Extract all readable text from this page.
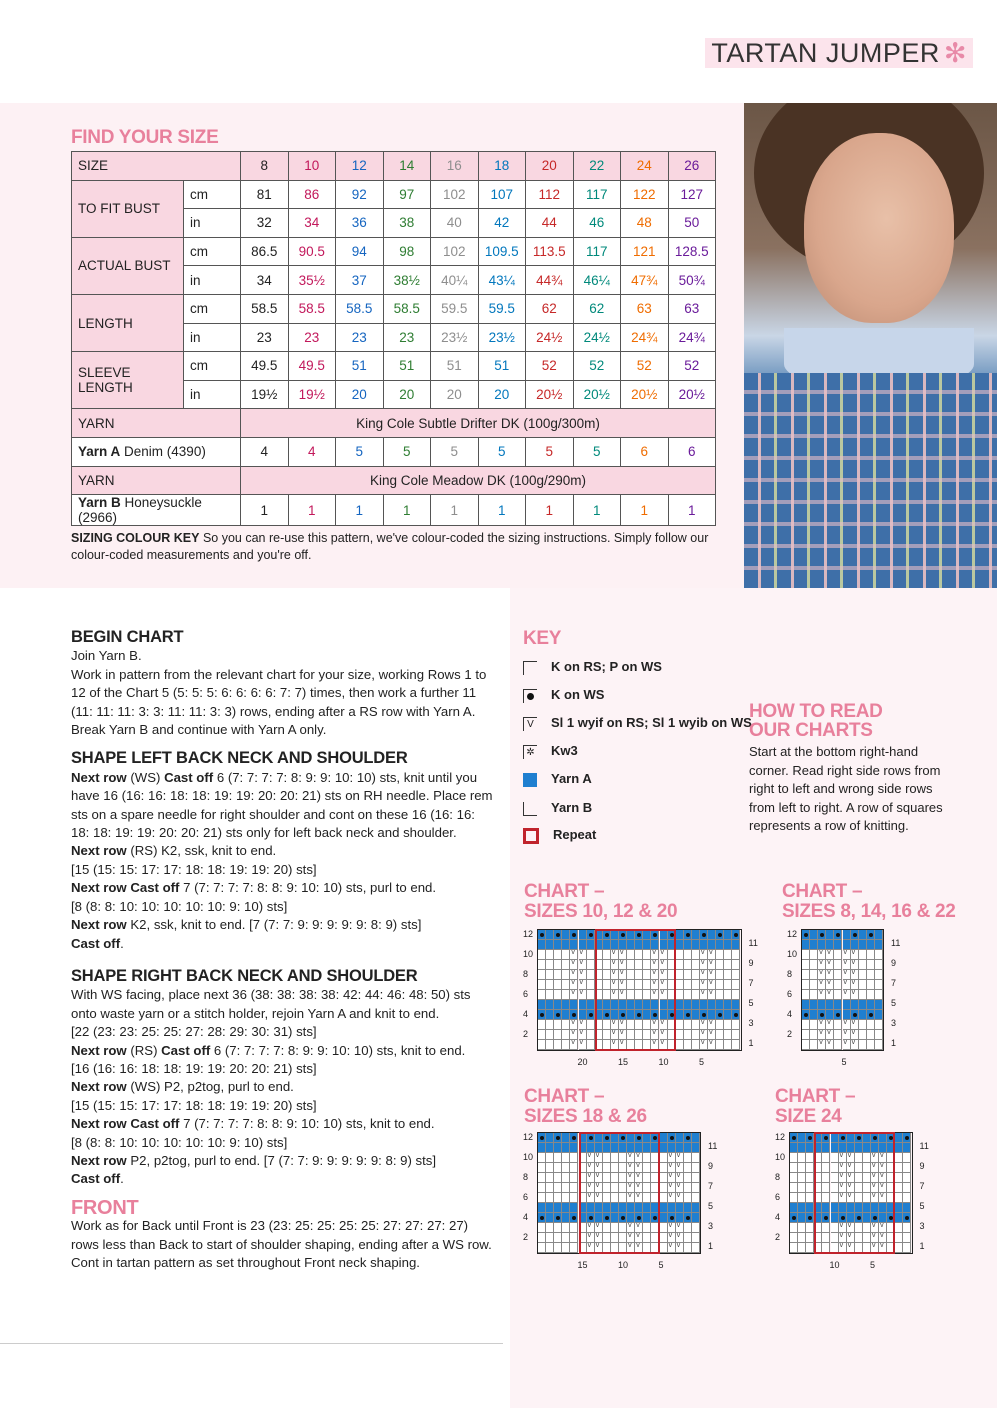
TARTAN JUMPER ✻
FIND YOUR SIZE
SIZE		8	10	12	14	16	18	20	22	24	26
TO FIT BUST	cm	81	86	92	97	102	107	112	117	122	127
	in	32	34	36	38	40	42	44	46	48	50
ACTUAL BUST	cm	86.5	90.5	94	98	102	109.5	113.5	117	121	128.5
	in	34	35½	37	38½	40¼	43¼	44¾	46¼	47¾	50¾
LENGTH	cm	58.5	58.5	58.5	58.5	59.5	59.5	62	62	63	63
	in	23	23	23	23	23½	23½	24½	24½	24¾	24¾
SLEEVE LENGTH	cm	49.5	49.5	51	51	51	51	52	52	52	52
	in	19½	19½	20	20	20	20	20½	20½	20½	20½
YARN		King Cole Subtle Drifter DK (100g/300m)									
Yarn A Denim (4390)		4	4	5	5	5	5	5	5	6	6
YARN		King Cole Meadow DK (100g/290m)									
Yarn B Honeysuckle (2966)		1	1	1	1	1	1	1	1	1	1
SIZING COLOUR KEY So you can re-use this pattern, we've colour-coded the sizing instructions. Simply follow our colour-coded measurements and you're off.
BEGIN CHART

Join Yarn B.

Work in pattern from the relevant chart for your size, working Rows 1 to 12 of the Chart 5 (5: 5: 5: 6: 6: 6: 6: 7: 7) times, then work a further 11 (11: 11: 11: 3: 3: 11: 11: 3: 3) rows, ending after a RS row with Yarn A.

Break Yarn B and continue with Yarn A only.

SHAPE LEFT BACK NECK AND SHOULDER

Next row (WS) Cast off 6 (7: 7: 7: 7: 8: 9: 9: 10: 10) sts, knit until you have 16 (16: 16: 18: 18: 19: 19: 20: 20: 21) sts on RH needle. Place rem sts on a spare needle for right shoulder and cont on these 16 (16: 16: 18: 18: 19: 19: 20: 20: 21) sts only for left back neck and shoulder.

Next row (RS) K2, ssk, knit to end.

[15 (15: 15: 17: 17: 18: 18: 19: 19: 20) sts]

Next row Cast off 7 (7: 7: 7: 7: 8: 8: 9: 10: 10) sts, purl to end.

[8 (8: 8: 10: 10: 10: 10: 10: 9: 10) sts]

Next row K2, ssk, knit to end. [7 (7: 7: 9: 9: 9: 9: 9: 8: 9) sts]

Cast off.

SHAPE RIGHT BACK NECK AND SHOULDER

With WS facing, place next 36 (38: 38: 38: 38: 42: 44: 46: 48: 50) sts onto waste yarn or a stitch holder, rejoin Yarn A and knit to end.

[22 (23: 23: 25: 25: 27: 28: 29: 30: 31) sts]

Next row (RS) Cast off 6 (7: 7: 7: 7: 8: 9: 9: 10: 10) sts, knit to end.

[16 (16: 16: 18: 18: 19: 19: 20: 20: 21) sts]

Next row (WS) P2, p2tog, purl to end.

[15 (15: 15: 17: 17: 18: 18: 19: 19: 20) sts]

Next row Cast off 7 (7: 7: 7: 7: 8: 8: 9: 10: 10) sts, knit to end.

[8 (8: 8: 10: 10: 10: 10: 10: 9: 10) sts]

Next row P2, p2tog, purl to end. [7 (7: 7: 9: 9: 9: 9: 9: 8: 9) sts]

Cast off.

FRONT

Work as for Back until Front is 23 (23: 25: 25: 25: 25: 27: 27: 27: 27) rows less than Back to start of shoulder shaping, ending after a WS row. Cont in tartan pattern as set throughout Front neck shaping.

KEY
K on RS; P on WS
K on WS
V Sl 1 wyif on RS; Sl 1 wyib on WS
✲ Kw3
Yarn A
Yarn B
Repeat
HOW TO READ
OUR CHARTS

Start at the bottom right-hand corner. Read right side rows from right to left and wrong side rows from left to right. A row of squares represents a row of knitting.

CHART –
SIZES 10, 12 & 20
CHART –
SIZES 8, 14, 16 & 22
CHART –
SIZES 18 & 26
CHART –
SIZE 24
v v	v v	v v	v v
v v	v v	v v	v v
v v	v v	v v	v v
v v	v v	v v	v v
v v	v v	v v	v v
v v	v v	v v	v v
v v	v v	v v	v v
v v	v v	v v	v v
12
10
8
6
4
2
11
9
7
5
3
1
20	15	10	5
v v v v
v v v v
v v v v
v v v v
v v v v
v v v v
v v v v
v v v v
12
10
8
6
4
2
11
9
7
5
3
1
5
v v	v v	v v
v v	v v	v v
v v	v v	v v
v v	v v	v v
v v	v v	v v
v v	v v	v v
v v	v v	v v
v v	v v	v v
12
10
8
6
4
2
11
9
7
5
3
1
15	10	5
v v	v v
v v	v v
v v	v v
v v	v v
v v	v v
v v	v v
v v	v v
v v	v v
12
10
8
6
4
2
11
9
7
5
3
1
10	5
